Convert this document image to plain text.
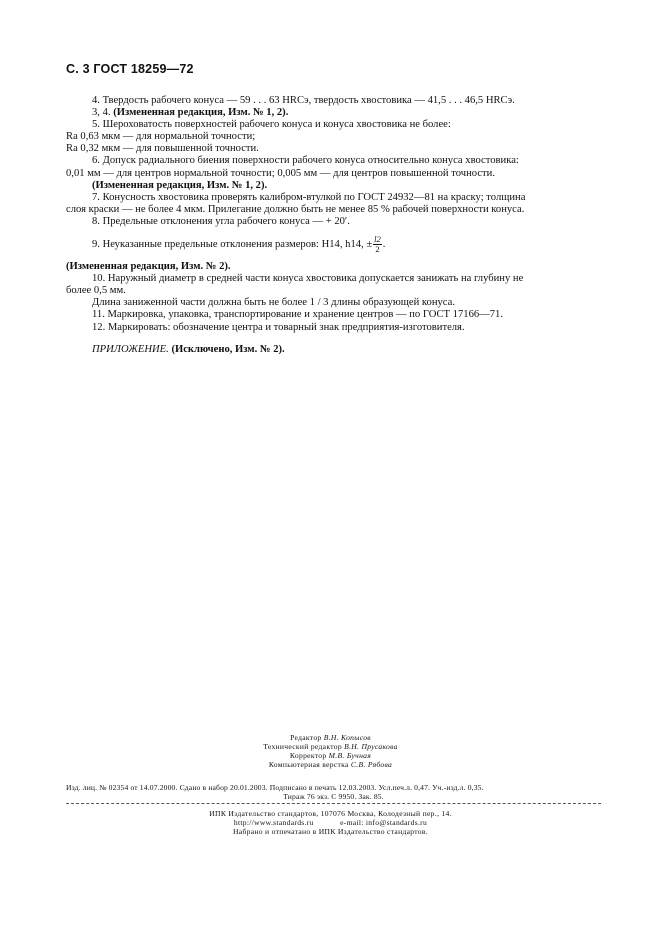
С. 3 ГОСТ 18259—72

4. Твердость рабочего конуса — 59 . . . 63 HRCэ, твердость хвостовика — 41,5 . . . 46,5 HRCэ.

3, 4. (Измененная редакция, Изм. № 1, 2).

5. Шероховатость поверхностей рабочего конуса и конуса хвостовика не более:

Ra 0,63 мкм — для нормальной точности;

Ra 0,32 мкм — для повышенной точности.

6. Допуск радиального биения поверхности рабочего конуса относительно конуса хвостовика:

0,01 мм — для центров нормальной точности; 0,005 мм — для центров повышенной точности.

(Измененная редакция, Изм. № 1, 2).

7. Конусность хвостовика проверять калибром-втулкой по ГОСТ 24932—81 на краску; толщина

слоя краски — не более 4 мкм. Прилегание должно быть не менее 85 % рабочей поверхности конуса.

8. Предельные отклонения угла рабочего конуса — + 20′.

9. Неуказанные предельные отклонения размеров: H14, h14, ± $\frac{l2}{2}$ .

(Измененная редакция, Изм. № 2).

10. Наружный диаметр в средней части конуса хвостовика допускается занижать на глубину не

более 0,5 мм.

Длина заниженной части должна быть не более 1 / 3 длины образующей конуса.

11. Маркировка, упаковка, транспортирование и хранение центров — по ГОСТ 17166—71.

12. Маркировать: обозначение центра и товарный знак предприятия-изготовителя.

ПРИЛОЖЕНИЕ. (Исключено, Изм. № 2).

Редактор В.Н. Копысов
Технический редактор В.Н. Прусакова
Корректор М.В. Бучная
Компьютерная верстка С.В. Рябова
Изд. лиц. № 02354 от 14.07.2000. Сдано в набор 20.01.2003. Подписано в печать 12.03.2003. Усл.печ.л. 0,47. Уч.-изд.л. 0,35.
Тираж 76 экз. С 9950. Зак. 85.
ИПК Издательство стандартов, 107076 Москва, Колодезный пер., 14.
http://www.standards.ru	e-mail: info@standards.ru
Набрано и отпечатано в ИПК Издательство стандартов.
